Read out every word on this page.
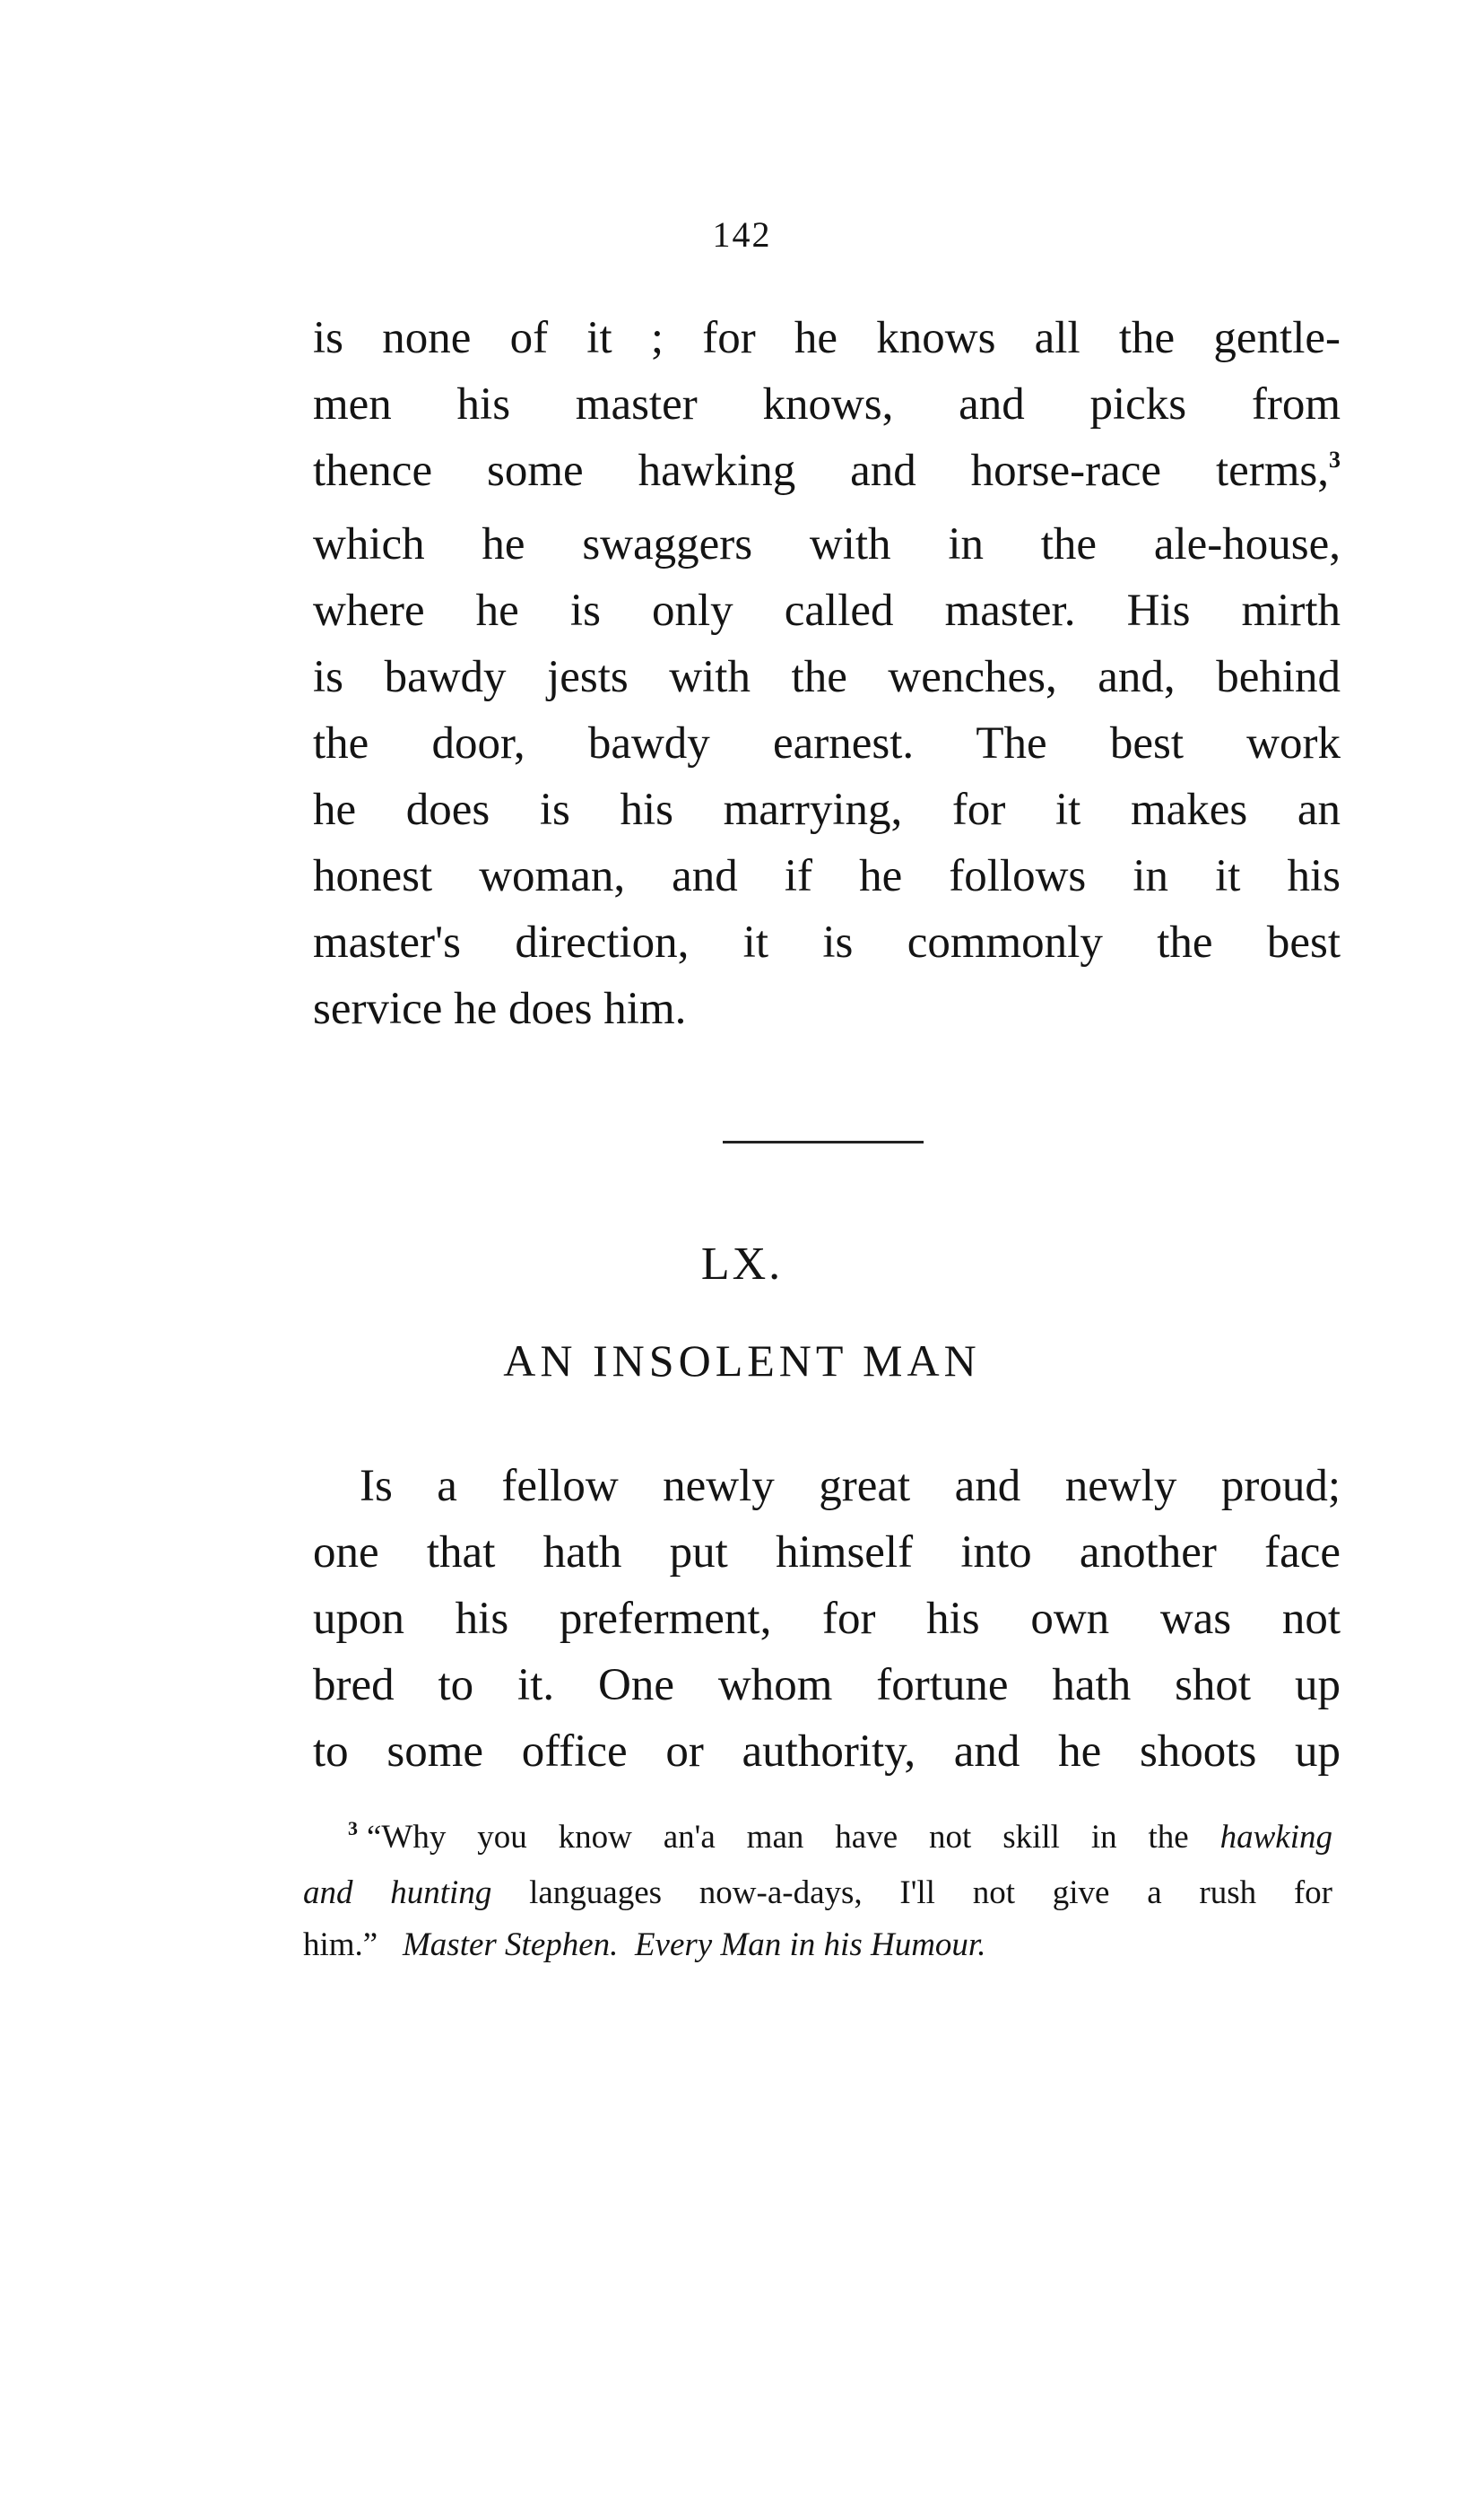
142
is none of it ; for he knows all the gentle-
men his master knows, and picks from
thence some hawking and horse-race terms,$^3$
which he swaggers with in the ale-house,
where he is only called master. His mirth
is bawdy jests with the wenches, and, behind
the door, bawdy earnest. The best work
he does is his marrying, for it makes an
honest woman, and if he follows in it his
master's direction, it is commonly the best
service he does him.
LX.
AN INSOLENT MAN
Is a fellow newly great and newly proud;
one that hath put himself into another face
upon his preferment, for his own was not
bred to it. One whom fortune hath shot up
to some office or authority, and he shoots up
$^3$ “Why you know an'a man have not skill in the hawking
and hunting languages now-a-days, I'll not give a rush for
him.”   Master Stephen. Every Man in his Humour.
